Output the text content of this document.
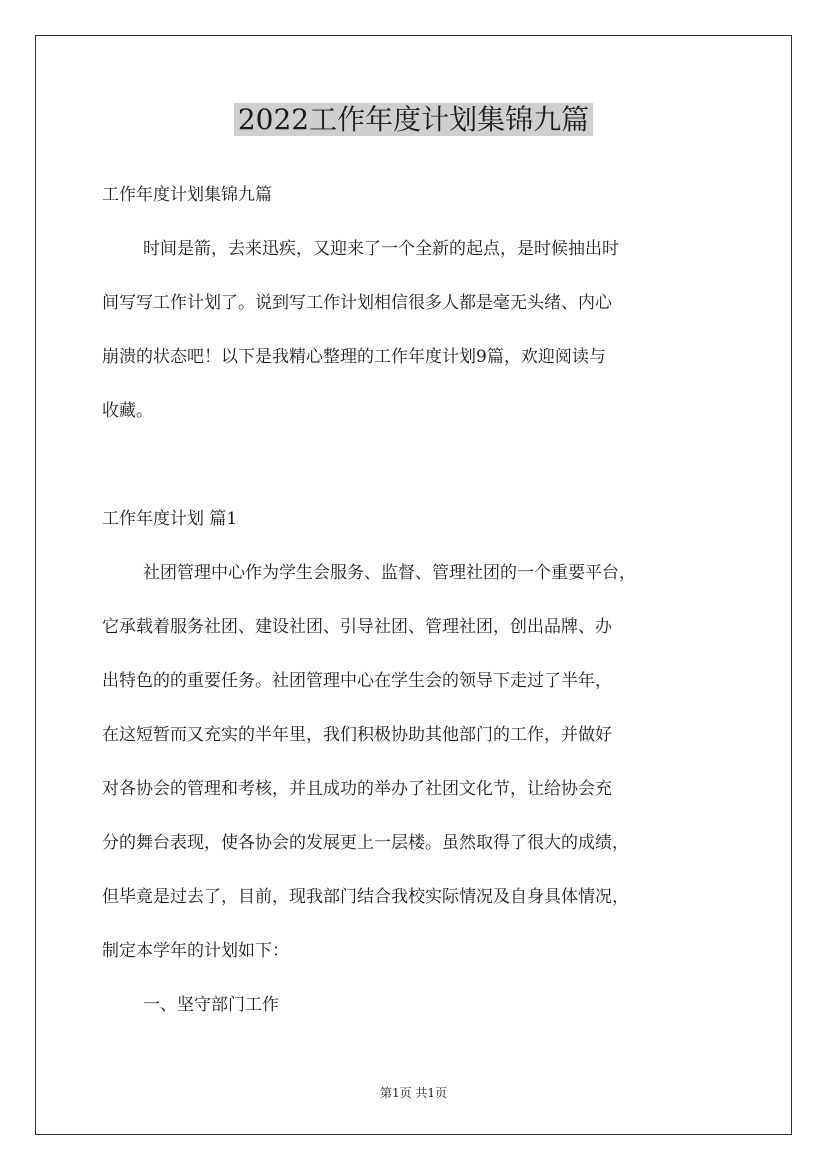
2022工作年度计划集锦九篇
工作年度计划集锦九篇
时间是箭，去来迅疾，又迎来了一个全新的起点，是时候抽出时
间写写工作计划了。说到写工作计划相信很多人都是毫无头绪、内心
崩溃的状态吧！以下是我精心整理的工作年度计划9篇，欢迎阅读与
收藏。
工作年度计划 篇1
社团管理中心作为学生会服务、监督、管理社团的一个重要平台，
它承载着服务社团、建设社团、引导社团、管理社团，创出品牌、办
出特色的的重要任务。社团管理中心在学生会的领导下走过了半年，
在这短暂而又充实的半年里，我们积极协助其他部门的工作，并做好
对各协会的管理和考核，并且成功的举办了社团文化节，让给协会充
分的舞台表现，使各协会的发展更上一层楼。虽然取得了很大的成绩，
但毕竟是过去了，目前，现我部门结合我校实际情况及自身具体情况，
制定本学年的计划如下：
一、坚守部门工作
第1页 共1页
